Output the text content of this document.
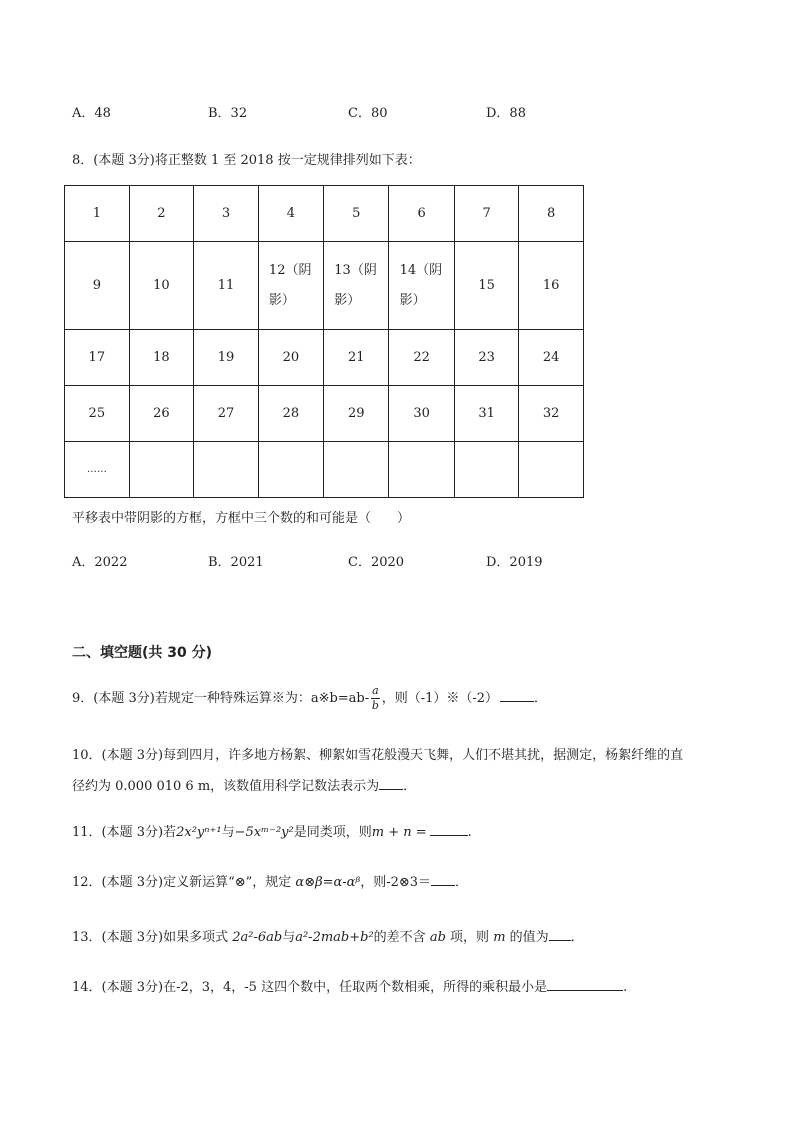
A．48	B．32	C．80	D．88
8．(本题 3分)将正整数 1 至 2018 按一定规律排列如下表：
1	2	3	4	5	6	7	8
9	10	11	12（阴影）	13（阴影）	14（阴影）	15	16
17	18	19	20	21	22	23	24
25	26	27	28	29	30	31	32
……							
平移表中带阴影的方框，方框中三个数的和可能是（　　）
A．2022	B．2021	C．2020	D．2019
二、填空题(共 30 分)
9．(本题 3分)若规定一种特殊运算※为：a※b=ab- $\frac{a}{b}$ ，则（-1）※（-2）	．
10．(本题 3分)每到四月，许多地方杨絮、柳絮如雪花般漫天飞舞，人们不堪其扰，据测定，杨絮纤维的直
径约为 0.000 010 6 m，该数值用科学记数法表示为 ．
11．(本题 3分)若2x²yⁿ⁺¹与−5xᵐ⁻²y²是同类项，则m + n =	.
12．(本题 3分)定义新运算“⊗”，规定 α⊗β=α-αᵝ，则-2⊗3＝ ．
13．(本题 3分)如果多项式 2a²-6ab与a²-2mab+b²的差不含 ab 项，则 m 的值为 ．
14．(本题 3分)在-2，3，4，-5 这四个数中，任取两个数相乘，所得的乘积最小是	.
